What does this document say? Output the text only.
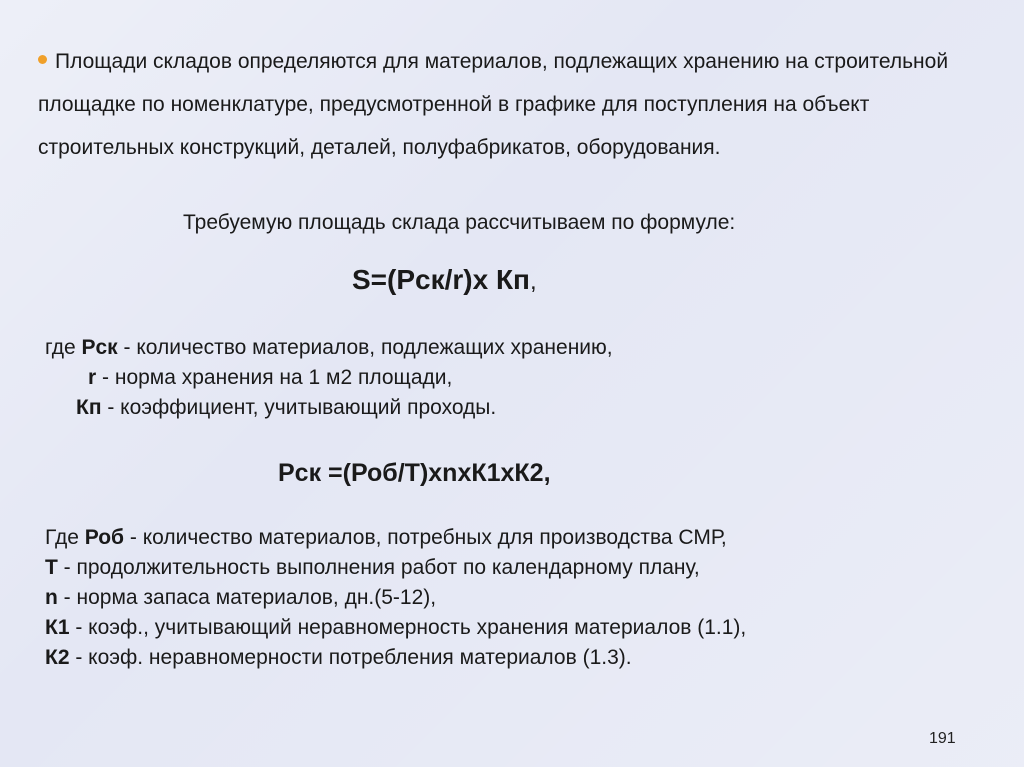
Площади складов определяются для материалов, подлежащих хранению на строительной площадке по номенклатуре, предусмотренной в графике для поступления на объект строительных конструкций, деталей, полуфабрикатов, оборудования.
Требуемую площадь склада рассчитываем по формуле:
S=(Рск/r)х Кп,
где Рск - количество материалов, подлежащих хранению,
r - норма хранения на 1 м2 площади,
Кп - коэффициент, учитывающий проходы.
Рск =(Роб/Т)хnхК1хК2,
Где Роб - количество материалов, потребных для производства СМР,
Т - продолжительность выполнения работ по календарному плану,
n - норма запаса материалов, дн.(5-12),
К1 - коэф., учитывающий неравномерность хранения материалов (1.1),
К2 - коэф. неравномерности потребления материалов (1.3).
191
